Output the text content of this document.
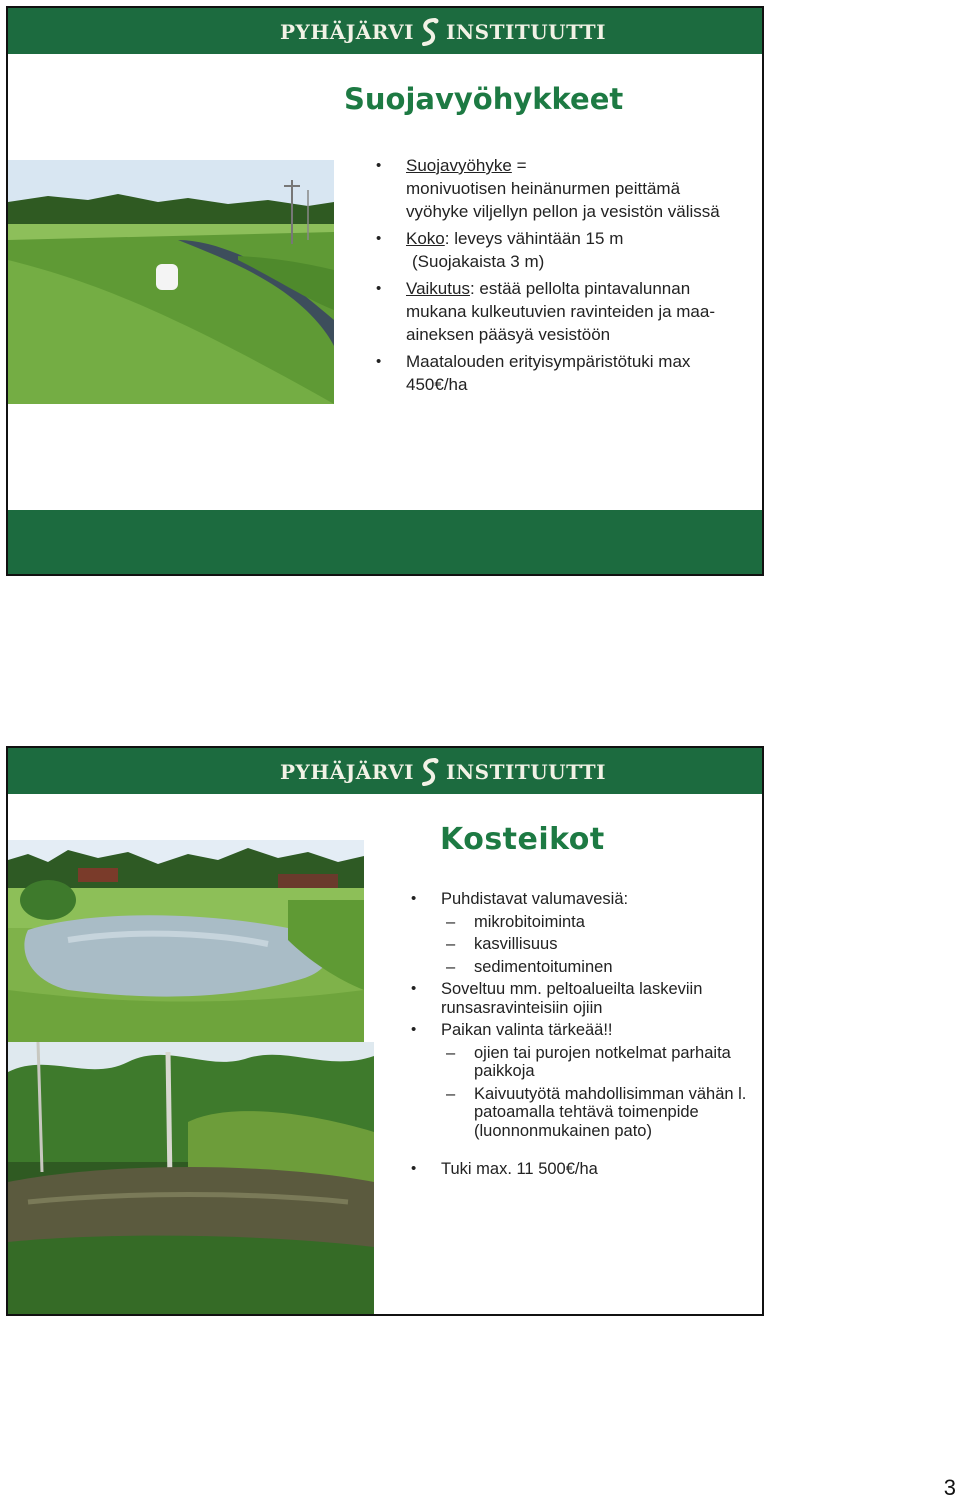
PYHÄJÄRVI INSTITUUTTI
Suojavyöhykkeet
• Suojavyöhyke =
monivuotisen heinänurmen peittämä vyöhyke viljellyn pellon ja vesistön välissä
• Koko: leveys vähintään 15 m
(Suojakaista 3 m)
• Vaikutus: estää pellolta pintavalunnan mukana kulkeutuvien ravinteiden ja maa-aineksen pääsyä vesistöön
• Maatalouden erityisympäristötuki max 450€/ha
PYHÄJÄRVI INSTITUUTTI
Kosteikot
• Puhdistavat valumavesiä:
– mikrobitoiminta
– kasvillisuus
– sedimentoituminen
• Soveltuu mm. peltoalueilta laskeviin runsasravinteisiin ojiin
• Paikan valinta tärkeää!!
– ojien tai purojen notkelmat parhaita paikkoja
– Kaivuutyötä mahdollisimman vähän l. patoamalla tehtävä toimenpide (luonnonmukainen pato)
• Tuki max. 11 500€/ha
3
